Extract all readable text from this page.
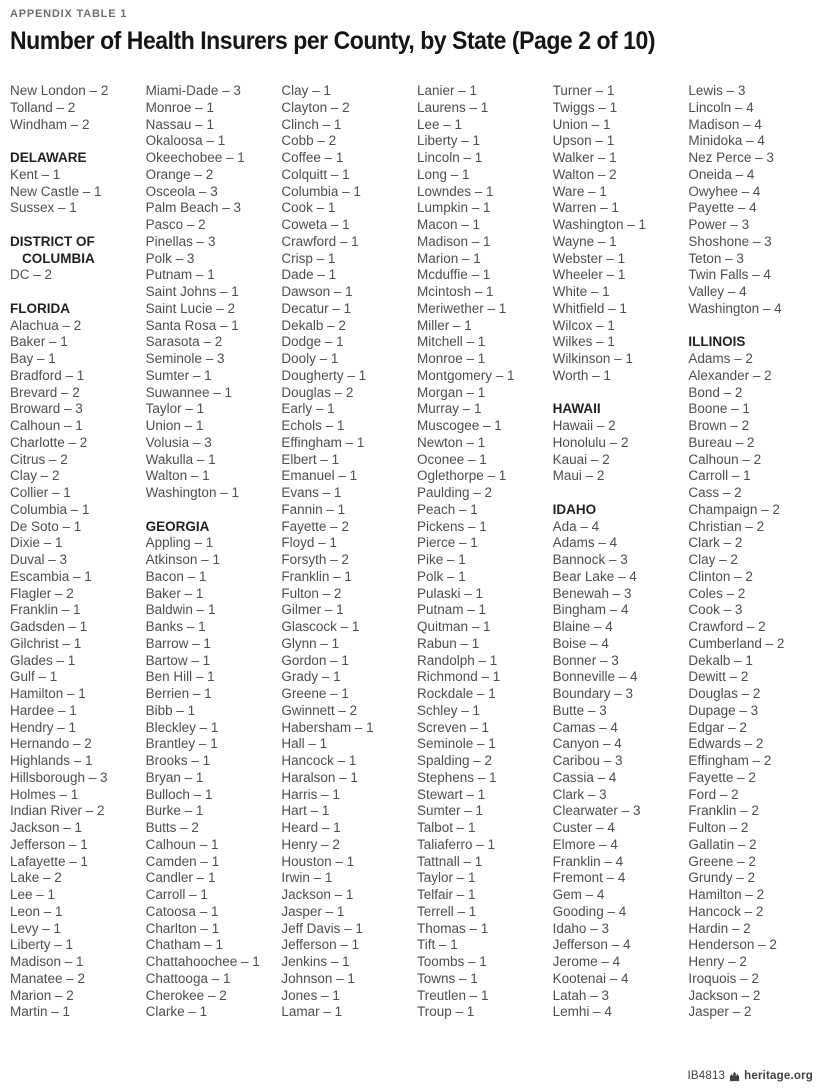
APPENDIX TABLE 1

Number of Health Insurers per County, by State (Page 2 of 10)
New London – 2
Tolland – 2
Windham – 2
DELAWARE
Kent – 1
New Castle – 1
Sussex – 1
DISTRICT OF COLUMBIA
DC – 2
FLORIDA
Alachua – 2
Baker – 1
Bay – 1
Bradford – 1
Brevard – 2
Broward – 3
Calhoun – 1
Charlotte – 2
Citrus – 2
Clay – 2
Collier – 1
Columbia – 1
De Soto – 1
Dixie – 1
Duval – 3
Escambia – 1
Flagler – 2
Franklin – 1
Gadsden – 1
Gilchrist – 1
Glades – 1
Gulf – 1
Hamilton – 1
Hardee – 1
Hendry – 1
Hernando – 2
Highlands – 1
Hillsborough – 3
Holmes – 1
Indian River – 2
Jackson – 1
Jefferson – 1
Lafayette – 1
Lake – 2
Lee – 1
Leon – 1
Levy – 1
Liberty – 1
Madison – 1
Manatee – 2
Marion – 2
Martin – 1
Miami-Dade – 3
Monroe – 1
Nassau – 1
Okaloosa – 1
Okeechobee – 1
Orange – 2
Osceola – 3
Palm Beach – 3
Pasco – 2
Pinellas – 3
Polk – 3
Putnam – 1
Saint Johns – 1
Saint Lucie – 2
Santa Rosa – 1
Sarasota – 2
Seminole – 3
Sumter – 1
Suwannee – 1
Taylor – 1
Union – 1
Volusia – 3
Wakulla – 1
Walton – 1
Washington – 1
GEORGIA
Appling – 1
Atkinson – 1
Bacon – 1
Baker – 1
Baldwin – 1
Banks – 1
Barrow – 1
Bartow – 1
Ben Hill – 1
Berrien – 1
Bibb – 1
Bleckley – 1
Brantley – 1
Brooks – 1
Bryan – 1
Bulloch – 1
Burke – 1
Butts – 2
Calhoun – 1
Camden – 1
Candler – 1
Carroll – 1
Catoosa – 1
Charlton – 1
Chatham – 1
Chattahoochee – 1
Chattooga – 1
Cherokee – 2
Clarke – 1
Clay – 1
Clayton – 2
Clinch – 1
Cobb – 2
Coffee – 1
Colquitt – 1
Columbia – 1
Cook – 1
Coweta – 1
Crawford – 1
Crisp – 1
Dade – 1
Dawson – 1
Decatur – 1
Dekalb – 2
Dodge – 1
Dooly – 1
Dougherty – 1
Douglas – 2
Early – 1
Echols – 1
Effingham – 1
Elbert – 1
Emanuel – 1
Evans – 1
Fannin – 1
Fayette – 2
Floyd – 1
Forsyth – 2
Franklin – 1
Fulton – 2
Gilmer – 1
Glascock – 1
Glynn – 1
Gordon – 1
Grady – 1
Greene – 1
Gwinnett – 2
Habersham – 1
Hall – 1
Hancock – 1
Haralson – 1
Harris – 1
Hart – 1
Heard – 1
Henry – 2
Houston – 1
Irwin – 1
Jackson – 1
Jasper – 1
Jeff Davis – 1
Jefferson – 1
Jenkins – 1
Johnson – 1
Jones – 1
Lamar – 1
Lanier – 1
Laurens – 1
Lee – 1
Liberty – 1
Lincoln – 1
Long – 1
Lowndes – 1
Lumpkin – 1
Macon – 1
Madison – 1
Marion – 1
Mcduffie – 1
Mcintosh – 1
Meriwether – 1
Miller – 1
Mitchell – 1
Monroe – 1
Montgomery – 1
Morgan – 1
Murray – 1
Muscogee – 1
Newton – 1
Oconee – 1
Oglethorpe – 1
Paulding – 2
Peach – 1
Pickens – 1
Pierce – 1
Pike – 1
Polk – 1
Pulaski – 1
Putnam – 1
Quitman – 1
Rabun – 1
Randolph – 1
Richmond – 1
Rockdale – 1
Schley – 1
Screven – 1
Seminole – 1
Spalding – 2
Stephens – 1
Stewart – 1
Sumter – 1
Talbot – 1
Taliaferro – 1
Tattnall – 1
Taylor – 1
Telfair – 1
Terrell – 1
Thomas – 1
Tift – 1
Toombs – 1
Towns – 1
Treutlen – 1
Troup – 1
Turner – 1
Twiggs – 1
Union – 1
Upson – 1
Walker – 1
Walton – 2
Ware – 1
Warren – 1
Washington – 1
Wayne – 1
Webster – 1
Wheeler – 1
White – 1
Whitfield – 1
Wilcox – 1
Wilkes – 1
Wilkinson – 1
Worth – 1
HAWAII
Hawaii – 2
Honolulu – 2
Kauai – 2
Maui – 2
IDAHO
Ada – 4
Adams – 4
Bannock – 3
Bear Lake – 4
Benewah – 3
Bingham – 4
Blaine – 4
Boise – 4
Bonner – 3
Bonneville – 4
Boundary – 3
Butte – 3
Camas – 4
Canyon – 4
Caribou – 3
Cassia – 4
Clark – 3
Clearwater – 3
Custer – 4
Elmore – 4
Franklin – 4
Fremont – 4
Gem – 4
Gooding – 4
Idaho – 3
Jefferson – 4
Jerome – 4
Kootenai – 4
Latah – 3
Lemhi – 4
Lewis – 3
Lincoln – 4
Madison – 4
Minidoka – 4
Nez Perce – 3
Oneida – 4
Owyhee – 4
Payette – 4
Power – 3
Shoshone – 3
Teton – 3
Twin Falls – 4
Valley – 4
Washington – 4
ILLINOIS
Adams – 2
Alexander – 2
Bond – 2
Boone – 1
Brown – 2
Bureau – 2
Calhoun – 2
Carroll – 1
Cass – 2
Champaign – 2
Christian – 2
Clark – 2
Clay – 2
Clinton – 2
Coles – 2
Cook – 3
Crawford – 2
Cumberland – 2
Dekalb – 1
Dewitt – 2
Douglas – 2
Dupage – 3
Edgar – 2
Edwards – 2
Effingham – 2
Fayette – 2
Ford – 2
Franklin – 2
Fulton – 2
Gallatin – 2
Greene – 2
Grundy – 2
Hamilton – 2
Hancock – 2
Hardin – 2
Henderson – 2
Henry – 2
Iroquois – 2
Jackson – 2
Jasper – 2
IB4813 heritage.org
